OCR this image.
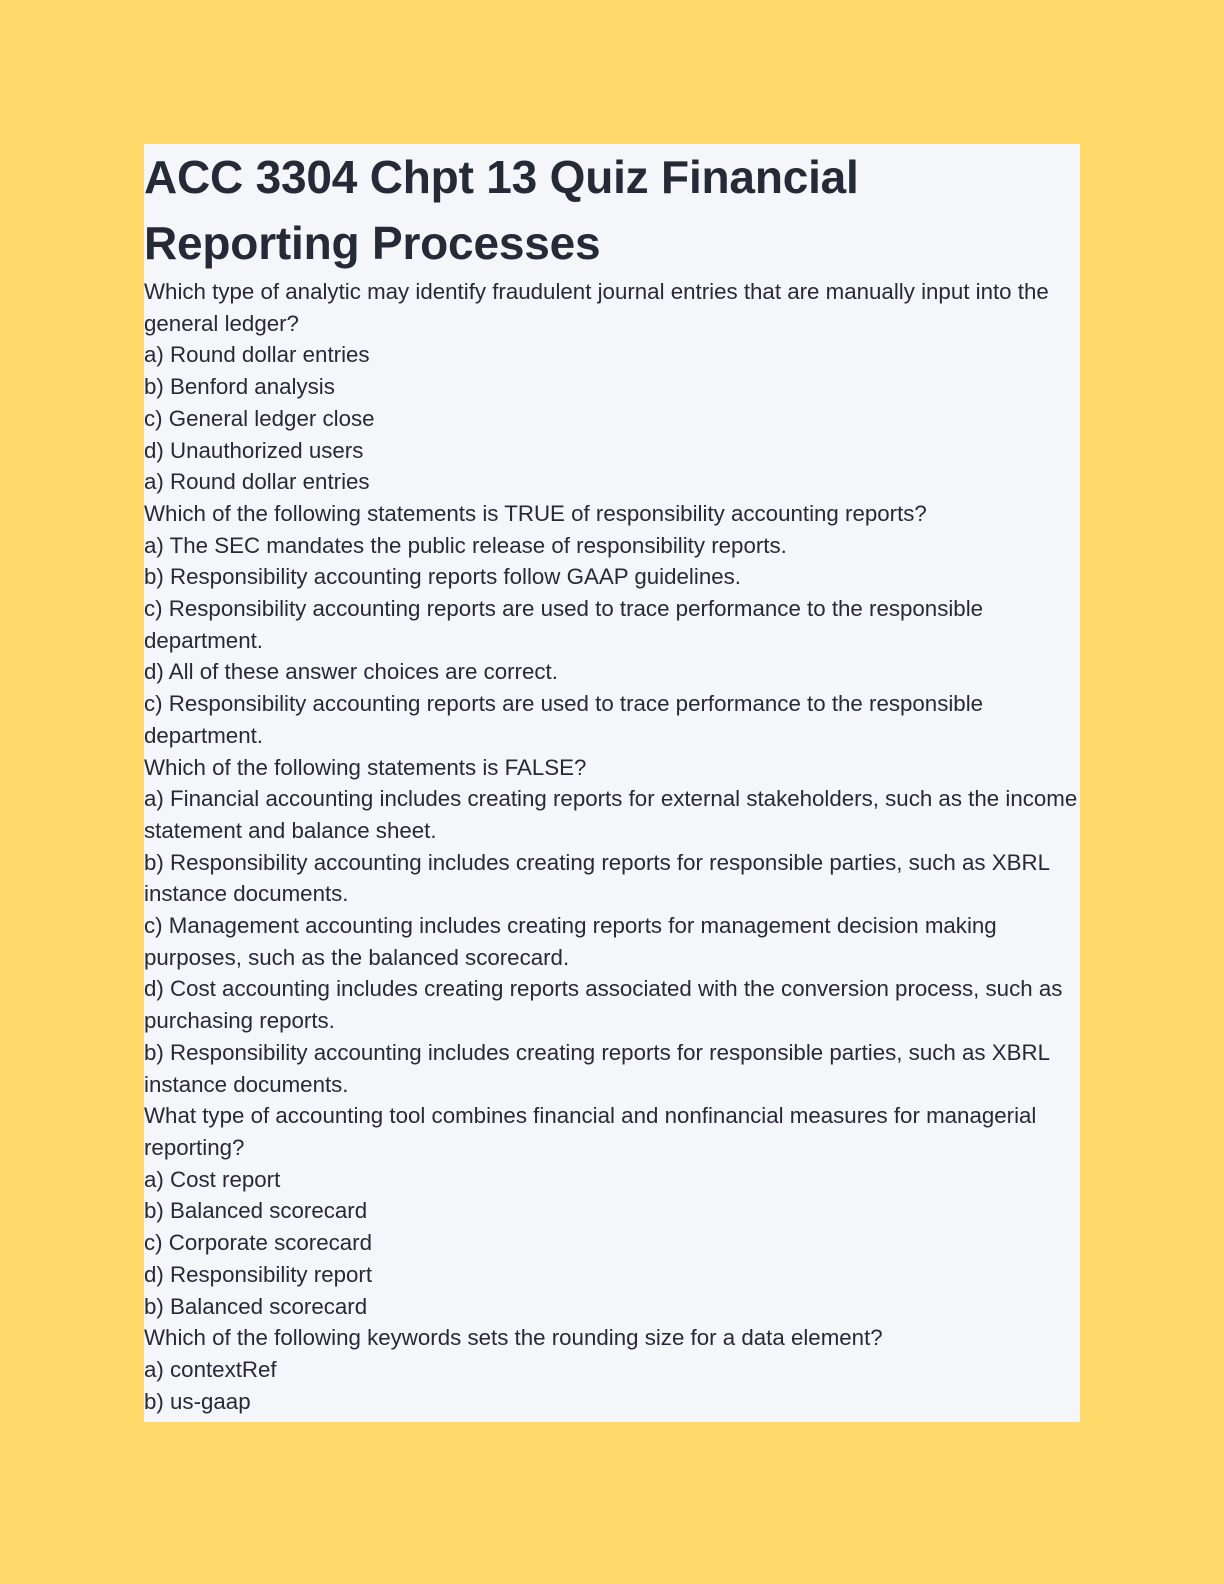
ACC 3304 Chpt 13 Quiz Financial Reporting Processes

Which type of analytic may identify fraudulent journal entries that are manually input into the general ledger?

a) Round dollar entries

b) Benford analysis

c) General ledger close

d) Unauthorized users

a) Round dollar entries

Which of the following statements is TRUE of responsibility accounting reports?

a) The SEC mandates the public release of responsibility reports.

b) Responsibility accounting reports follow GAAP guidelines.

c) Responsibility accounting reports are used to trace performance to the responsible department.

d) All of these answer choices are correct.

c) Responsibility accounting reports are used to trace performance to the responsible department.

Which of the following statements is FALSE?

a) Financial accounting includes creating reports for external stakeholders, such as the income statement and balance sheet.

b) Responsibility accounting includes creating reports for responsible parties, such as XBRL instance documents.

c) Management accounting includes creating reports for management decision making purposes, such as the balanced scorecard.

d) Cost accounting includes creating reports associated with the conversion process, such as purchasing reports.

b) Responsibility accounting includes creating reports for responsible parties, such as XBRL instance documents.

What type of accounting tool combines financial and nonfinancial measures for managerial reporting?

a) Cost report

b) Balanced scorecard

c) Corporate scorecard

d) Responsibility report

b) Balanced scorecard

Which of the following keywords sets the rounding size for a data element?

a) contextRef

b) us-gaap
